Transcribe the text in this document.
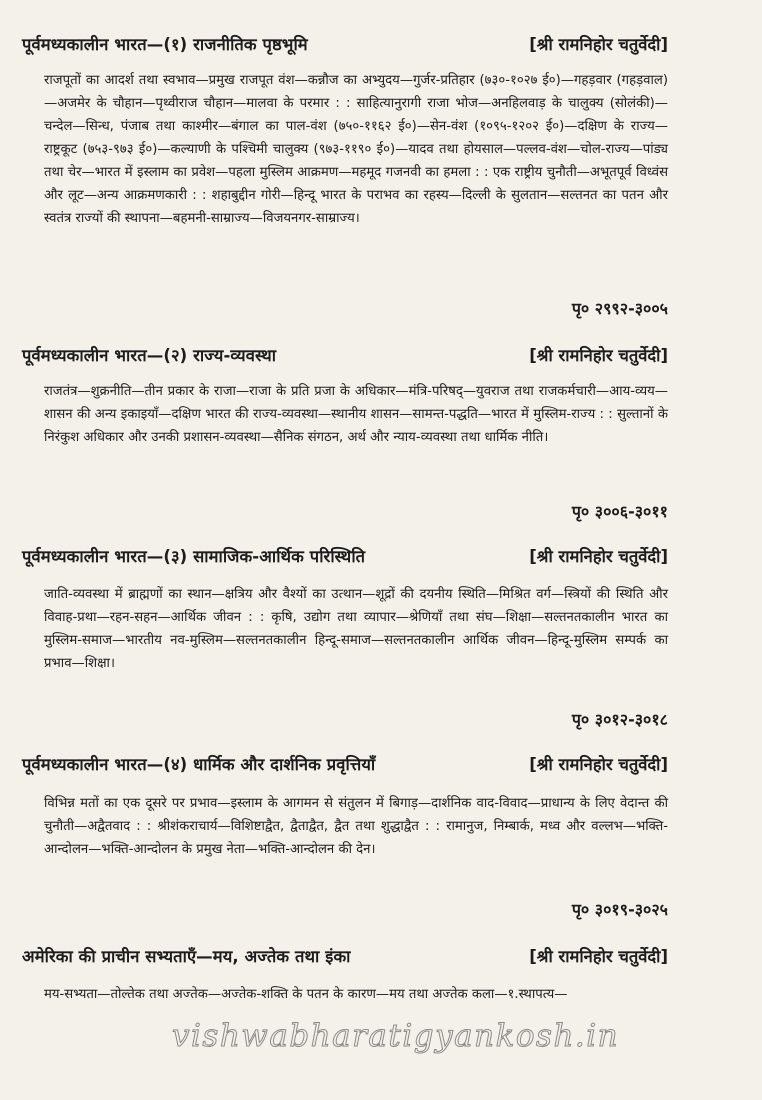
पूर्वमध्यकालीन भारत—(१) राजनीतिक पृष्ठभूमि	[श्री रामनिहोर चतुर्वेदी]
राजपूतों का आदर्श तथा स्वभाव—प्रमुख राजपूत वंश—कन्नौज का अभ्युदय—गुर्जर-प्रतिहार (७३०-१०२७ ई०)—गहड़वार (गहड़वाल)—अजमेर के चौहान—पृथ्वीराज चौहान—मालवा के परमार : : साहित्यानुरागी राजा भोज—अनहिलवाड़ के चालुक्य (सोलंकी)—चन्देल—सिन्ध, पंजाब तथा काश्मीर—बंगाल का पाल-वंश (७५०-११६२ ई०)—सेन-वंश (१०९५-१२०२ ई०)—दक्षिण के राज्य—राष्ट्रकूट (७५३-९७३ ई०)—कल्याणी के पश्चिमी चालुक्य (९७३-११९० ई०)—यादव तथा होयसाल—पल्लव-वंश—चोल-राज्य—पांड्य तथा चेर—भारत में इस्लाम का प्रवेश—पहला मुस्लिम आक्रमण—महमूद गजनवी का हमला : : एक राष्ट्रीय चुनौती—अभूतपूर्व विध्वंस और लूट—अन्य आक्रमणकारी : : शहाबुद्दीन गोरी—हिन्दू भारत के पराभव का रहस्य—दिल्ली के सुलतान—सल्तनत का पतन और स्वतंत्र राज्यों की स्थापना—बहमनी-साम्राज्य—विजयनगर-साम्राज्य।
पृ० २९९२-३००५
पूर्वमध्यकालीन भारत—(२) राज्य-व्यवस्था	[श्री रामनिहोर चतुर्वेदी]
राजतंत्र—शुक्रनीति—तीन प्रकार के राजा—राजा के प्रति प्रजा के अधिकार—मंत्रि-परिषद्—युवराज तथा राजकर्मचारी—आय-व्यय—शासन की अन्य इकाइयाँ—दक्षिण भारत की राज्य-व्यवस्था—स्थानीय शासन—सामन्त-पद्धति—भारत में मुस्लिम-राज्य : : सुल्तानों के निरंकुश अधिकार और उनकी प्रशासन-व्यवस्था—सैनिक संगठन, अर्थ और न्याय-व्यवस्था तथा धार्मिक नीति।
पृ० ३००६-३०११
पूर्वमध्यकालीन भारत—(३) सामाजिक-आर्थिक परिस्थिति	[श्री रामनिहोर चतुर्वेदी]
जाति-व्यवस्था में ब्राह्मणों का स्थान—क्षत्रिय और वैश्यों का उत्थान—शूद्रों की दयनीय स्थिति—मिश्रित वर्ग—स्त्रियों की स्थिति और विवाह-प्रथा—रहन-सहन—आर्थिक जीवन : : कृषि, उद्योग तथा व्यापार—श्रेणियाँ तथा संघ—शिक्षा—सल्तनतकालीन भारत का मुस्लिम-समाज—भारतीय नव-मुस्लिम—सल्तनतकालीन हिन्दू-समाज—सल्तनतकालीन आर्थिक जीवन—हिन्दू-मुस्लिम सम्पर्क का प्रभाव—शिक्षा।
पृ० ३०१२-३०१८
पूर्वमध्यकालीन भारत—(४) धार्मिक और दार्शनिक प्रवृत्तियाँ	[श्री रामनिहोर चतुर्वेदी]
विभिन्न मतों का एक दूसरे पर प्रभाव—इस्लाम के आगमन से संतुलन में बिगाड़—दार्शनिक वाद-विवाद—प्राधान्य के लिए वेदान्त की चुनौती—अद्वैतवाद : : श्रीशंकराचार्य—विशिष्टाद्वैत, द्वैताद्वैत, द्वैत तथा शुद्धाद्वैत : : रामानुज, निम्बार्क, मध्व और वल्लभ—भक्ति-आन्दोलन—भक्ति-आन्दोलन के प्रमुख नेता—भक्ति-आन्दोलन की देन।
पृ० ३०१९-३०२५
अमेरिका की प्राचीन सभ्यताएँ—मय, अज्तेक तथा इंका	[श्री रामनिहोर चतुर्वेदी]
मय-सभ्यता—तोल्तेक तथा अज्तेक—अज्तेक-शक्ति के पतन के कारण—मय तथा अज्तेक कला—१.स्थापत्य—
vishwabharatigyankosh.in
